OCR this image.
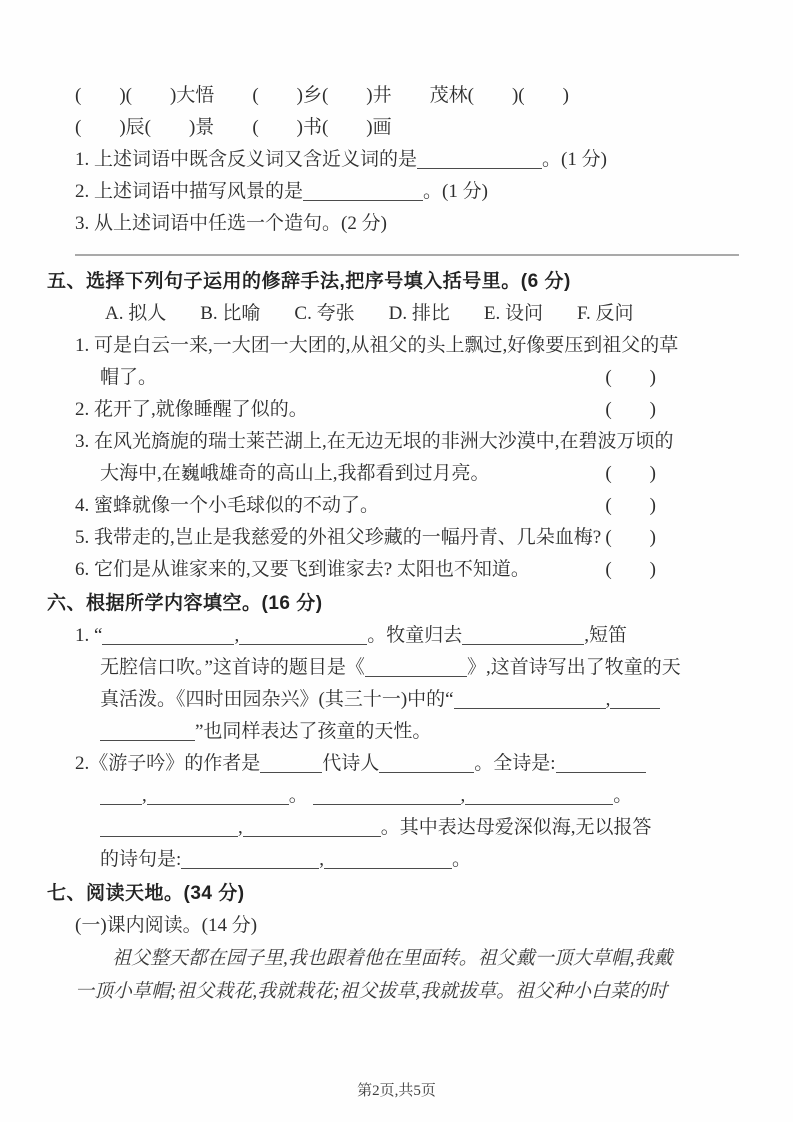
(　　)(　　)大悟 (　　)乡(　　)井 茂林(　　)(　　)
(　　)辰(　　)景 (　　)书(　　)画
1. 上述词语中既含反义词又含近义词的是	。(1 分)
2. 上述词语中描写风景的是	。(1 分)
3. 从上述词语中任选一个造句。(2 分)
五、选择下列句子运用的修辞手法,把序号填入括号里。(6 分)
A. 拟人 B. 比喻 C. 夸张 D. 排比 E. 设问 F. 反问
1. 可是白云一来,一大团一大团的,从祖父的头上飘过,好像要压到祖父的草
帽了。	(　　)
2. 花开了,就像睡醒了似的。	(　　)
3. 在风光旖旎的瑞士莱芒湖上,在无边无垠的非洲大沙漠中,在碧波万顷的
大海中,在巍峨雄奇的高山上,我都看到过月亮。	(　　)
4. 蜜蜂就像一个小毛球似的不动了。	(　　)
5. 我带走的,岂止是我慈爱的外祖父珍藏的一幅丹青、几朵血梅? (　　)
6. 它们是从谁家来的,又要飞到谁家去? 太阳也不知道。	(　　)
六、根据所学内容填空。(16 分)
1. “	,	。牧童归去	,短笛
无腔信口吹。”这首诗的题目是《	》,这首诗写出了牧童的天
真活泼。《四时田园杂兴》(其三十一)中的“	,
”也同样表达了孩童的天性。
2.《游子吟》的作者是	代诗人	。全诗是:
,	。	,	。
,	。其中表达母爱深似海,无以报答
的诗句是:	,	。
七、阅读天地。(34 分)
(一)课内阅读。(14 分)
祖父整天都在园子里,我也跟着他在里面转。祖父戴一顶大草帽,我戴
一顶小草帽;祖父栽花,我就栽花;祖父拔草,我就拔草。祖父种小白菜的时
第2页,共5页
